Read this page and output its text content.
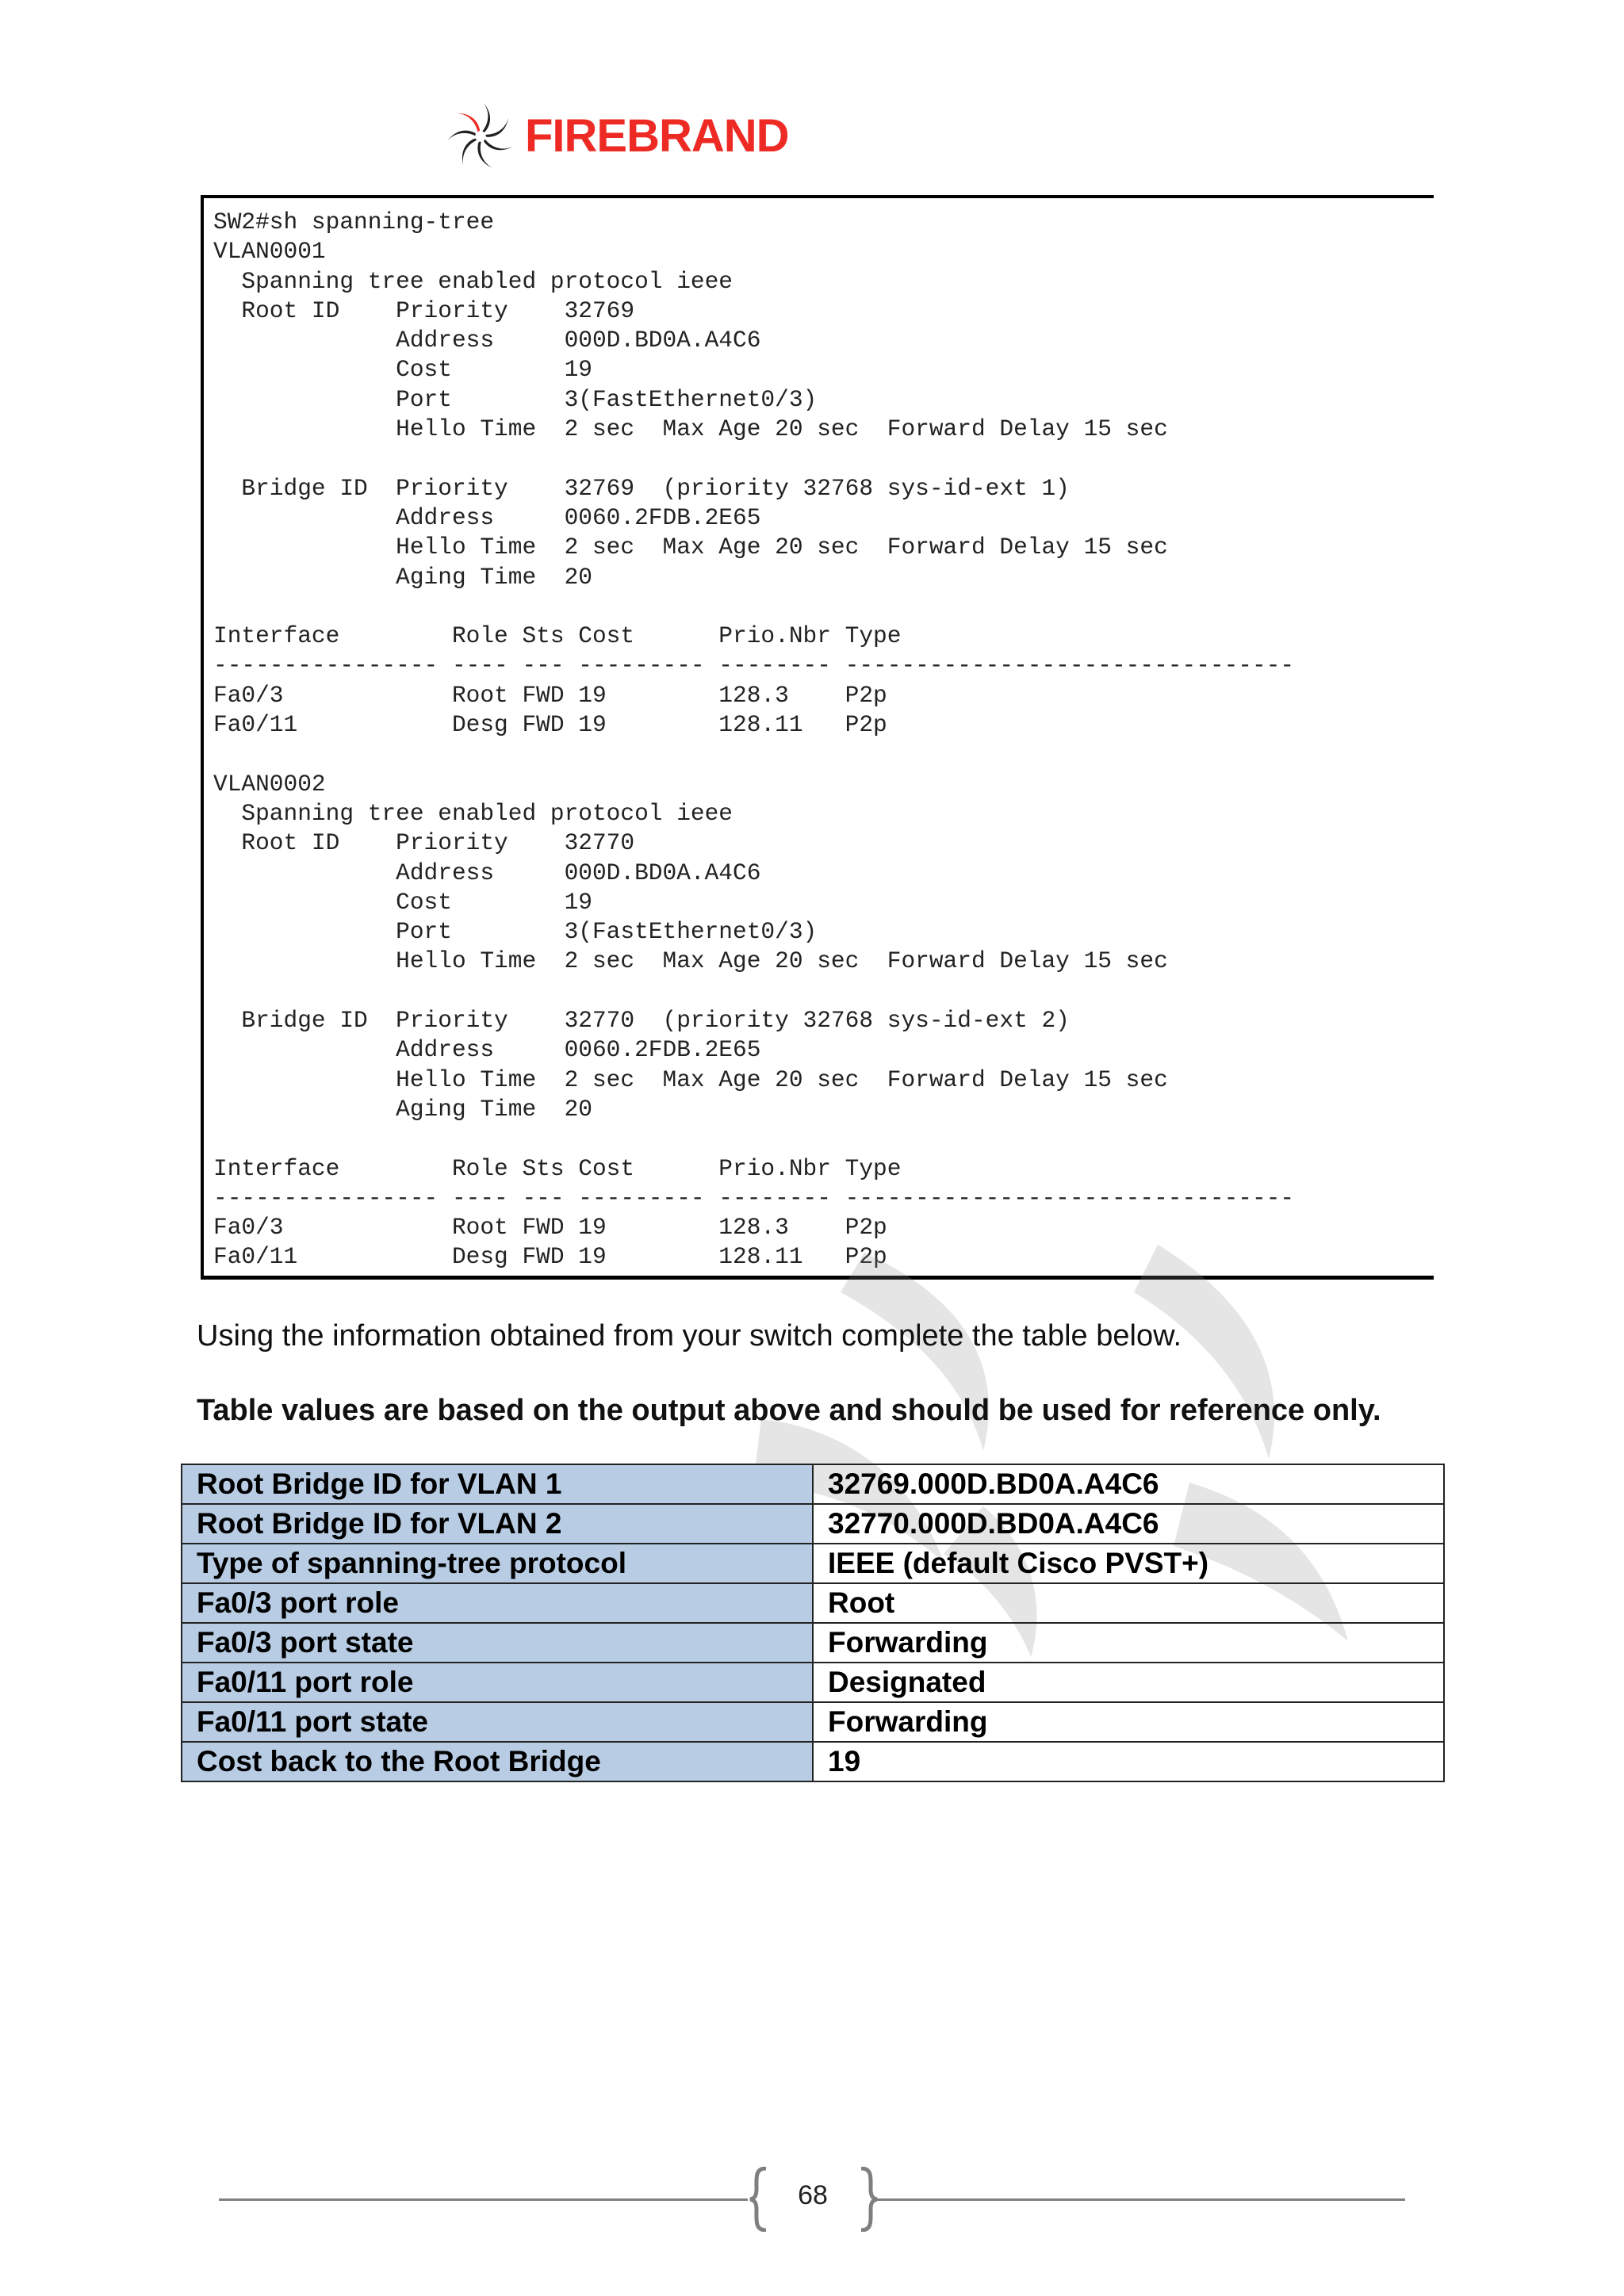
FIREBRAND
SW2#sh spanning-tree
VLAN0001
Spanning tree enabled protocol ieee
Root ID    Priority    32769
Address     000D.BD0A.A4C6
Cost        19
Port        3(FastEthernet0/3)
Hello Time  2 sec  Max Age 20 sec  Forward Delay 15 sec

Bridge ID  Priority    32769  (priority 32768 sys-id-ext 1)
Address     0060.2FDB.2E65
Hello Time  2 sec  Max Age 20 sec  Forward Delay 15 sec
Aging Time  20

Interface        Role Sts Cost      Prio.Nbr Type
---------------- ---- --- --------- -------- --------------------------------
Fa0/3            Root FWD 19        128.3    P2p
Fa0/11           Desg FWD 19        128.11   P2p

VLAN0002
Spanning tree enabled protocol ieee
Root ID    Priority    32770
Address     000D.BD0A.A4C6
Cost        19
Port        3(FastEthernet0/3)
Hello Time  2 sec  Max Age 20 sec  Forward Delay 15 sec

Bridge ID  Priority    32770  (priority 32768 sys-id-ext 2)
Address     0060.2FDB.2E65
Hello Time  2 sec  Max Age 20 sec  Forward Delay 15 sec
Aging Time  20

Interface        Role Sts Cost      Prio.Nbr Type
---------------- ---- --- --------- -------- --------------------------------
Fa0/3            Root FWD 19        128.3    P2p
Fa0/11           Desg FWD 19        128.11   P2p
Using the information obtained from your switch complete the table below.
Table values are based on the output above and should be used for reference only.
Root Bridge ID for VLAN 1	32769.000D.BD0A.A4C6
Root Bridge ID for VLAN 2	32770.000D.BD0A.A4C6
Type of spanning-tree protocol	IEEE (default Cisco PVST+)
Fa0/3 port role	Root
Fa0/3 port state	Forwarding
Fa0/11 port role	Designated
Fa0/11 port state	Forwarding
Cost back to the Root Bridge	19
68
